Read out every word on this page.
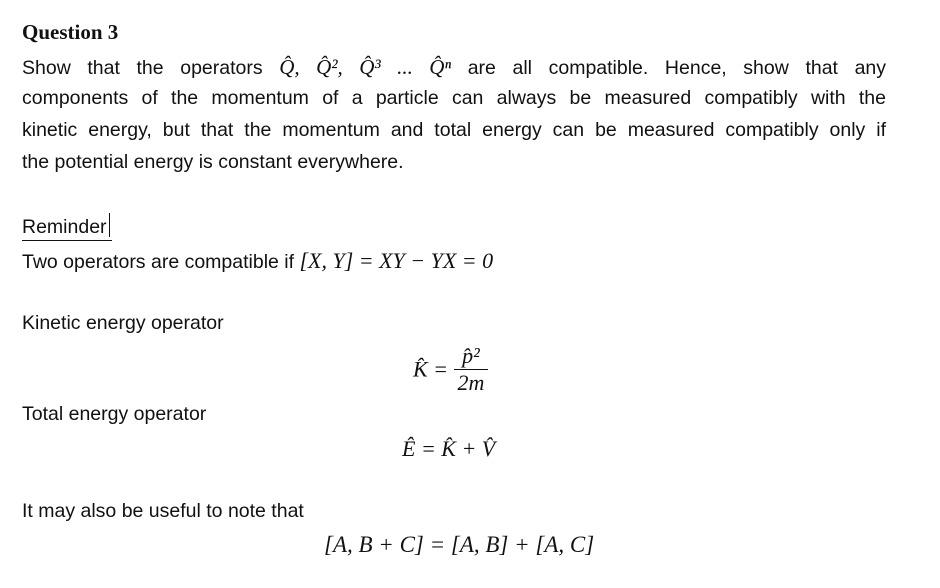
Question 3
Show that the operators Q̂, Q̂², Q̂³ ... Q̂ⁿ are all compatible. Hence, show that any
components of the momentum of a particle can always be measured compatibly with the
kinetic energy, but that the momentum and total energy can be measured compatibly only if
the potential energy is constant everywhere.
Reminder
Two operators are compatible if [X, Y] = XY − YX = 0
Kinetic energy operator
K̂ = $\frac{\text{p̂²}}{2m}$
Total energy operator
Ê = K̂ + V̂
It may also be useful to note that
[A, B + C] = [A, B] + [A, C]
